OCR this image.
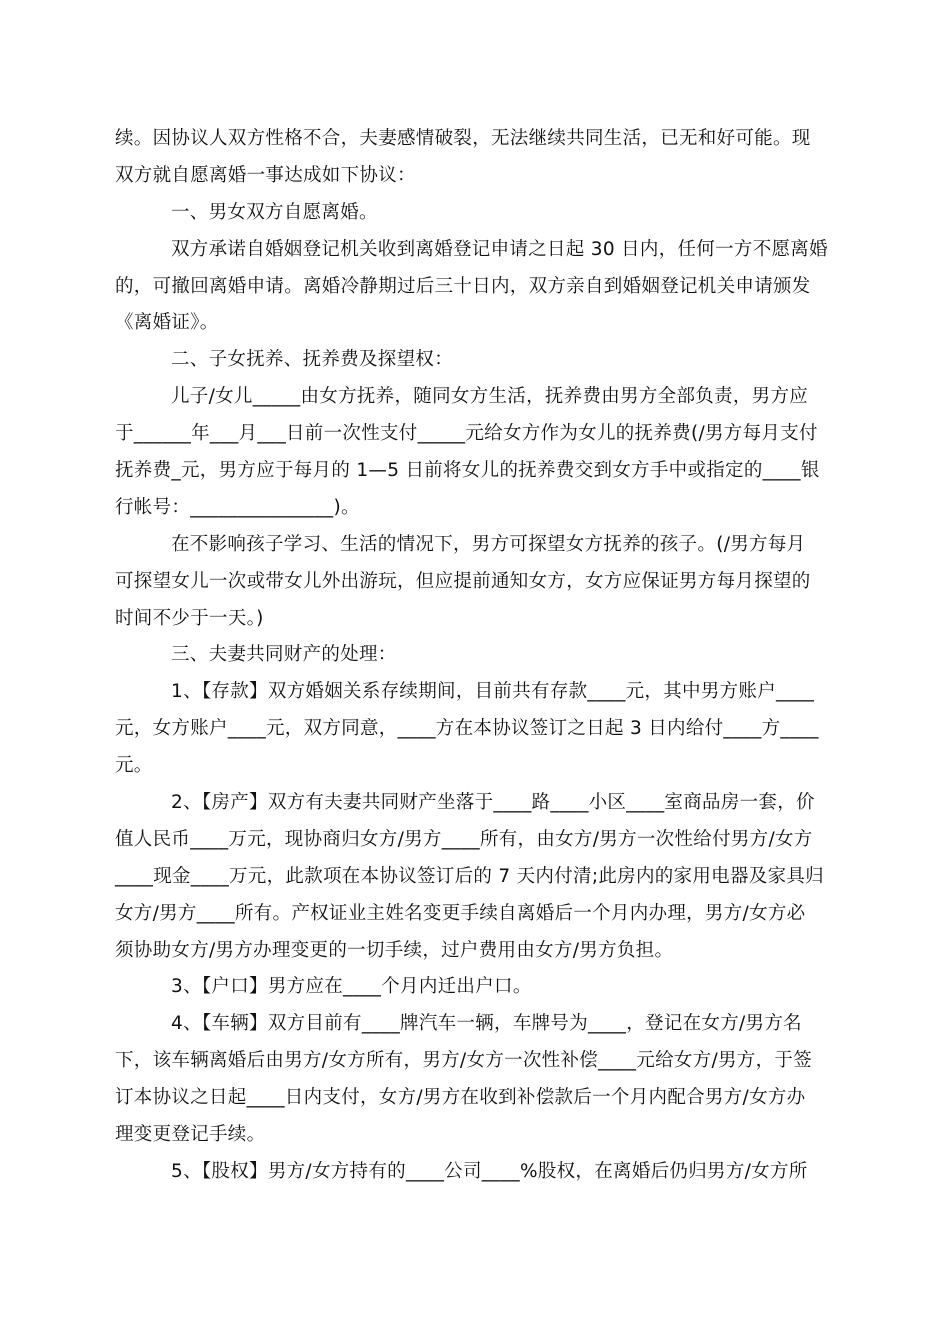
续。因协议人双方性格不合，夫妻感情破裂，无法继续共同生活，已无和好可能。现
双方就自愿离婚一事达成如下协议：
一、男女双方自愿离婚。
双方承诺自婚姻登记机关收到离婚登记申请之日起 30 日内，任何一方不愿离婚
的，可撤回离婚申请。离婚冷静期过后三十日内，双方亲自到婚姻登记机关申请颁发
《离婚证》。
二、子女抚养、抚养费及探望权：
儿子/女儿_____由女方抚养，随同女方生活，抚养费由男方全部负责，男方应
于______年___月___日前一次性支付_____元给女方作为女儿的抚养费(/男方每月支付
抚养费_元，男方应于每月的 1—5 日前将女儿的抚养费交到女方手中或指定的____银
行帐号：_______________)。
在不影响孩子学习、生活的情况下，男方可探望女方抚养的孩子。(/男方每月
可探望女儿一次或带女儿外出游玩，但应提前通知女方，女方应保证男方每月探望的
时间不少于一天。)
三、夫妻共同财产的处理：
1、【存款】双方婚姻关系存续期间，目前共有存款____元，其中男方账户____
元，女方账户____元，双方同意，____方在本协议签订之日起 3 日内给付____方____
元。
2、【房产】双方有夫妻共同财产坐落于____路____小区____室商品房一套，价
值人民币____万元，现协商归女方/男方____所有，由女方/男方一次性给付男方/女方
____现金____万元，此款项在本协议签订后的 7 天内付清;此房内的家用电器及家具归
女方/男方____所有。产权证业主姓名变更手续自离婚后一个月内办理，男方/女方必
须协助女方/男方办理变更的一切手续，过户费用由女方/男方负担。
3、【户口】男方应在____个月内迁出户口。
4、【车辆】双方目前有____牌汽车一辆，车牌号为____，登记在女方/男方名
下，该车辆离婚后由男方/女方所有，男方/女方一次性补偿____元给女方/男方，于签
订本协议之日起____日内支付，女方/男方在收到补偿款后一个月内配合男方/女方办
理变更登记手续。
5、【股权】男方/女方持有的____公司____%股权，在离婚后仍归男方/女方所
